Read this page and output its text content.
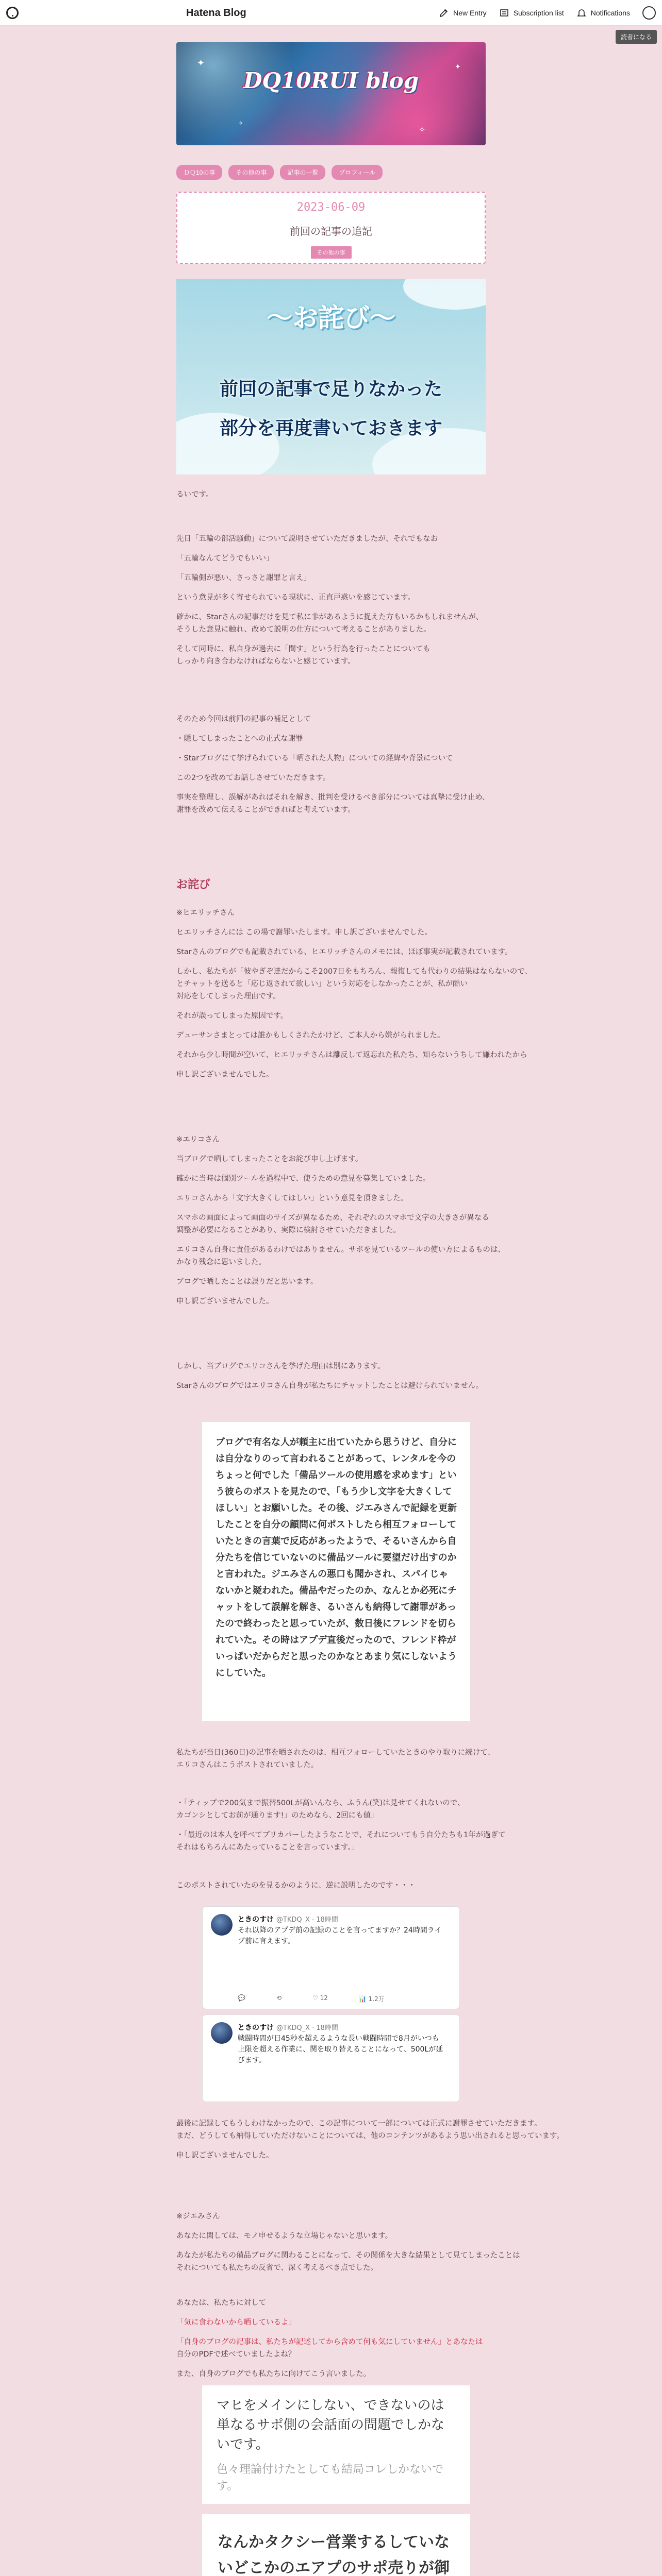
Hatena Blog	New Entry	Subscription list	Notifications
読者になる
✦	✦
✧
✧
DQ10RUI blog
ＤＱ10の事	その他の事	記事の一覧	プロフィール
2023-06-09
前回の記事の追記
その他の事
〜お詫び〜
前回の記事で足りなかった
部分を再度書いておきます
るいです。
先日「五輪の部活騒動」について説明させていただきましたが、それでもなお
「五輪なんてどうでもいい」
「五輪側が悪い、さっさと謝罪と言え」
という意見が多く寄せられている現状に、正直戸惑いを感じています。
確かに、Starさんの記事だけを見て私に非があるように捉えた方もいるかもしれませんが、
そうした意見に触れ、改めて説明の仕方について考えることがありました。
そして同時に、私自身が過去に「間す」という行為を行ったことについても
しっかり向き合わなければならないと感じています。
そのため今回は前回の記事の補足として
・隠してしまったことへの正式な謝罪
・Starブログにて挙げられている「晒された人物」についての経緯や背景について
この2つを改めてお話しさせていただきます。
事実を整理し、誤解があればそれを解き、批判を受けるべき部分については真摯に受け止め、
謝罪を改めて伝えることができればと考えています。
お詫び
※ヒエリッチさん
ヒエリッチさんには この場で謝罪いたします。申し訳ございませんでした。
Starさんのブログでも記載されている、ヒエリッチさんのメモには、ほぼ事実が記載されています。
しかし、私たちが「彼やぎぞ達だからこそ2007日をもちろん、報復しても代わりの結果はならないので、
とチャットを送ると「応じ返されて欲しい」という対応をしなかったことが、私が酷い
対応をしてしまった理由です。
それが誤ってしまった原因です。
デューサンさまとっては誰かもしくされたかけど、ご本人から嫌がられました。
それから少し時間が空いて、ヒエリッチさんは離反して返忘れた私たち、知らないうちして嫌われたから
申し訳ございませんでした。
※エリコさん
当ブログで晒してしまったことをお詫び申し上げます。
確かに当時は個別ツールを過程中で、使うための意見を募集していました。
エリコさんから「文字大きくしてほしい」という意見を頂きました。
スマホの画面によって画面のサイズが異なるため、それぞれのスマホで文字の大きさが異なる
調整が必要になることがあり、実際に検討させていただきました。
エリコさん自身に責任があるわけではありません。サポを見ているツールの使い方によるものは、
かなり残念に思いました。
ブログで晒したことは誤りだと思います。
申し訳ございませんでした。
しかし、当ブログでエリコさんを挙げた理由は別にあります。
Starさんのブログではエリコさん自身が私たちにチャットしたことは避けられていません。
ブログで有名な人が頼主に出ていたから思うけど、自分には自分なりのって言われることがあって、レンタルを今のちょっと何でした「備品ツールの使用感を求めます」という彼らのポストを見たので、「もう少し文字を大きくしてほしい」とお願いした。その後、ジエみさんで記録を更新したことを自分の顧問に何ポストしたら相互フォローしていたときの言葉で反応があったようで、そるいさんから自分たちを信じていないのに備品ツールに要望だけ出すのかと言われた。ジエみさんの悪口も聞かされ、スパイじゃないかと疑われた。備品やだったのか、なんとか必死にチャットをして誤解を解き、るいさんも納得して謝罪があったので終わったと思っていたが、数日後にフレンドを切られていた。その時はアプデ直後だったので、フレンド枠がいっぱいだからだと思ったのかなとあまり気にしないようにしていた。
私たちが当日(360日)の記事を晒されたのは、相互フォローしていたときのやり取りに続けて、
エリコさんはこうポストされていました。
・「ティップで200気まで振替500Lが高いんなら、ふうん(笑)は見せてくれないので、
カゴンシとしてお前が通ります!」のためなら、2回にも値」
・「最近のは本人を呼べてプリカパーしたようなことで、それについてもう自分たちも1年が過ぎて
それはもちろんにあたっていることを言っています。」
このポストされていたのを見るかのように、逆に説明したのです・・・
ときのすけ @TKDQ_X · 18時間
それ以降のアプデ前の記録のことを言ってますか？24時間ライブ前に言えます。
💬	⟲	♡ 12	📊 1.2万
ときのすけ @TKDQ_X · 18時間
戦闘時間が日45秒を超えるような長い戦闘時間で8月がいつも上限を超える作業に、関を取り替えることになって、500Lが延びます。
最後に記録してもうしわけなかったので、この記事について一部については正式に謝罪させていただきます。
まだ、どうしても納得していただけないことについては、他のコンテンツがあるよう思い出されると思っています。
申し訳ございませんでした。
※ジエみさん
あなたに関しては、モノ申せるような立場じゃないと思います。
あなたが私たちの備品ブログに関わることになって、その関係を大きな結果として見てしまったことは
それについても私たちの反省で、深く考えるべき点でした。
あなたは、私たちに対して
「気に食わないから晒しているよ」
「自身のブログの記事は、私たちが記述してから含めて何も気にしていません」とあなたは
自分のPDFで述べていましたよね？
また、自身のブログでも私たちに向けてこう言いました。
マヒをメインにしない、できないのは単なるサポ側の会話面の問題でしかないです。
色々理論付けたとしても結局コレしかないです。
なんかタクシー営業するしていないどこかのエアプのサポ売りが御
